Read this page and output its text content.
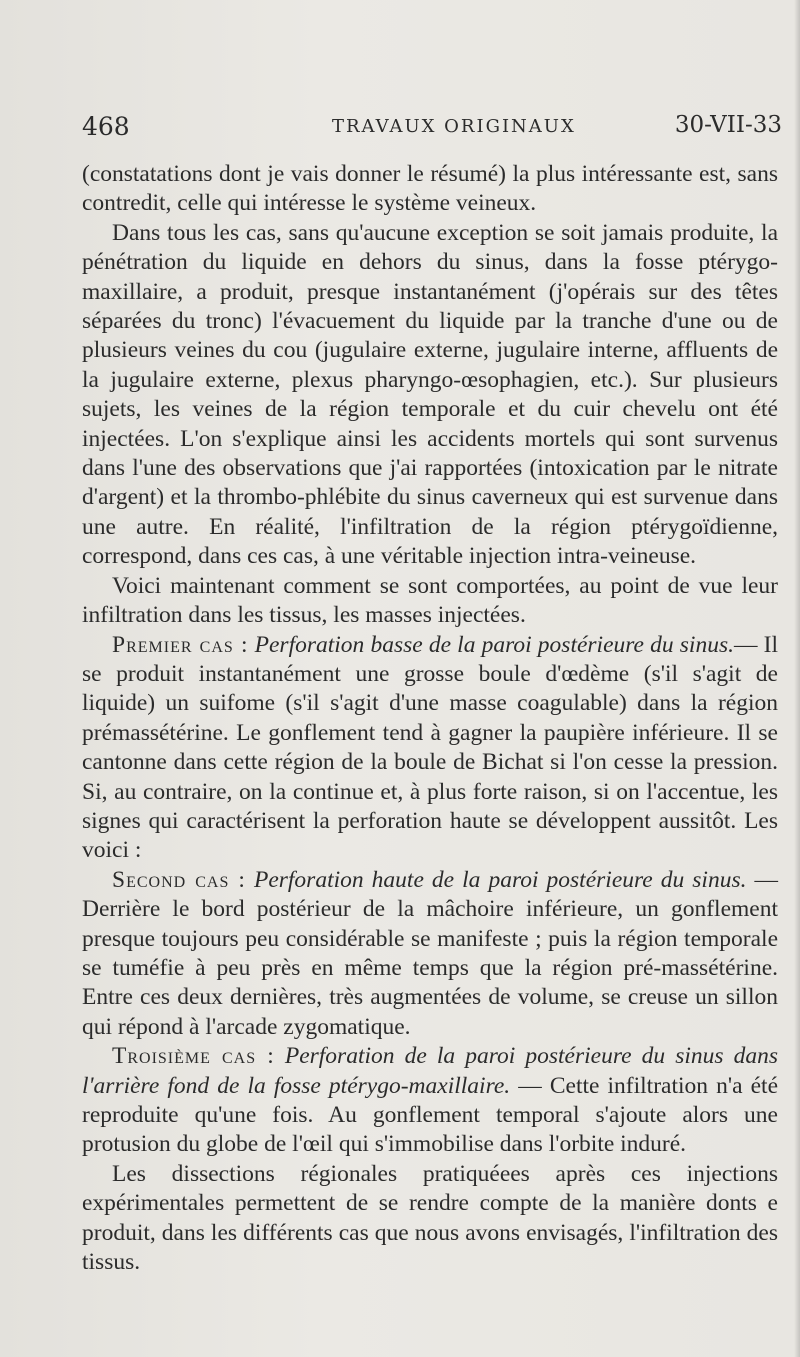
468	TRAVAUX ORIGINAUX	30-VII-33

(constatations dont je vais donner le résumé) la plus intéressante est, sans contredit, celle qui intéresse le système veineux.

Dans tous les cas, sans qu'aucune exception se soit jamais produite, la pénétration du liquide en dehors du sinus, dans la fosse ptérygo-maxillaire, a produit, presque instantanément (j'opérais sur des têtes séparées du tronc) l'évacuement du liquide par la tranche d'une ou de plusieurs veines du cou (jugulaire externe, jugulaire interne, affluents de la jugulaire externe, plexus pharyngo-œsophagien, etc.). Sur plusieurs sujets, les veines de la région temporale et du cuir chevelu ont été injectées. L'on s'explique ainsi les accidents mortels qui sont survenus dans l'une des observations que j'ai rapportées (intoxication par le nitrate d'argent) et la thrombo-phlébite du sinus caverneux qui est survenue dans une autre. En réalité, l'infiltration de la région ptérygoïdienne, correspond, dans ces cas, à une véritable injection intra-veineuse.

Voici maintenant comment se sont comportées, au point de vue leur infiltration dans les tissus, les masses injectées.

Premier cas : Perforation basse de la paroi postérieure du sinus.— Il se produit instantanément une grosse boule d'œdème (s'il s'agit de liquide) un suifome (s'il s'agit d'une masse coagulable) dans la région prémassétérine. Le gonflement tend à gagner la paupière inférieure. Il se cantonne dans cette région de la boule de Bichat si l'on cesse la pression. Si, au contraire, on la continue et, à plus forte raison, si on l'accentue, les signes qui caractérisent la perforation haute se développent aussitôt. Les voici :

Second cas : Perforation haute de la paroi postérieure du sinus. — Derrière le bord postérieur de la mâchoire inférieure, un gonflement presque toujours peu considérable se manifeste ; puis la région temporale se tuméfie à peu près en même temps que la région pré-massétérine. Entre ces deux dernières, très augmentées de volume, se creuse un sillon qui répond à l'arcade zygomatique.

Troisième cas : Perforation de la paroi postérieure du sinus dans l'arrière fond de la fosse ptérygo-maxillaire. — Cette infiltration n'a été reproduite qu'une fois. Au gonflement temporal s'ajoute alors une protusion du globe de l'œil qui s'immobilise dans l'orbite induré.

Les dissections régionales pratiquéees après ces injections expérimentales permettent de se rendre compte de la manière donts e produit, dans les différents cas que nous avons envisagés, l'infiltration des tissus.
